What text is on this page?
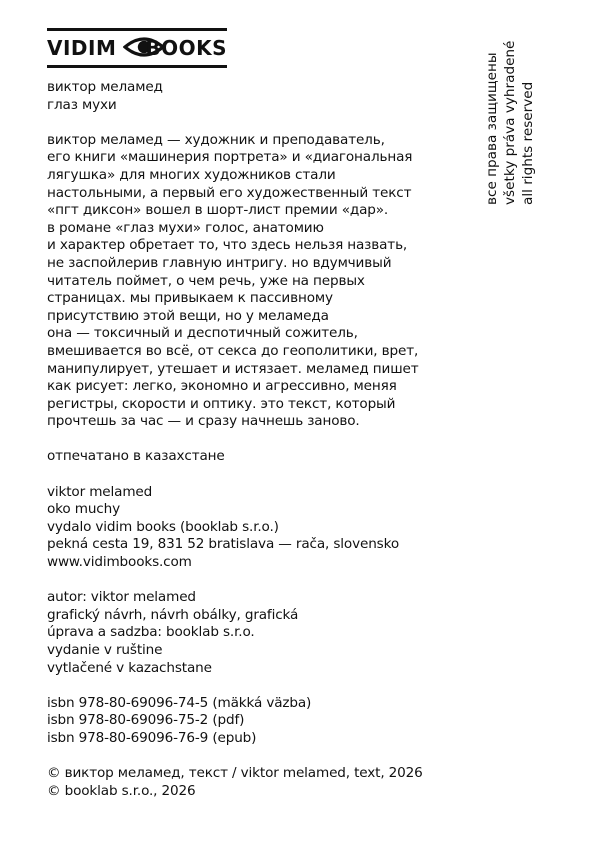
VIDIM BOOKS
все права защищены všetky práva vyhradené all rights reserved
виктор меламед
глаз мухи
виктор меламед — художник и преподаватель,
его книги «машинерия портрета» и «диагональная
лягушка» для многих художников стали
настольными, а первый его художественный текст
«пгт диксон» вошел в шорт-лист премии «дар».
в романе «глаз мухи» голос, анатомию
и характер обретает то, что здесь нельзя назвать,
не заспойлерив главную интригу. но вдумчивый
читатель поймет, о чем речь, уже на первых
страницах. мы привыкаем к пассивному
присутствию этой вещи, но у меламеда
она — токсичный и деспотичный сожитель,
вмешивается во всё, от секса до геополитики, врет,
манипулирует, утешает и истязает. меламед пишет
как рисует: легко, экономно и агрессивно, меняя
регистры, скорости и оптику. это текст, который
прочтешь за час — и сразу начнешь заново.
отпечатано в казахстане
viktor melamed
oko muchy
vydalo vidim books (booklab s.r.o.)
pekná cesta 19, 831 52 bratislava — rača, slovensko
www.vidimbooks.com
autor: viktor melamed
grafický návrh, návrh obálky, grafická
úprava a sadzba: booklab s.r.o.
vydanie v ruštine
vytlačené v kazachstane
isbn 978-80-69096-74-5 (mäkká väzba)
isbn 978-80-69096-75-2 (pdf)
isbn 978-80-69096-76-9 (epub)
© виктор меламед, текст / viktor melamed, text, 2026
© booklab s.r.o., 2026
